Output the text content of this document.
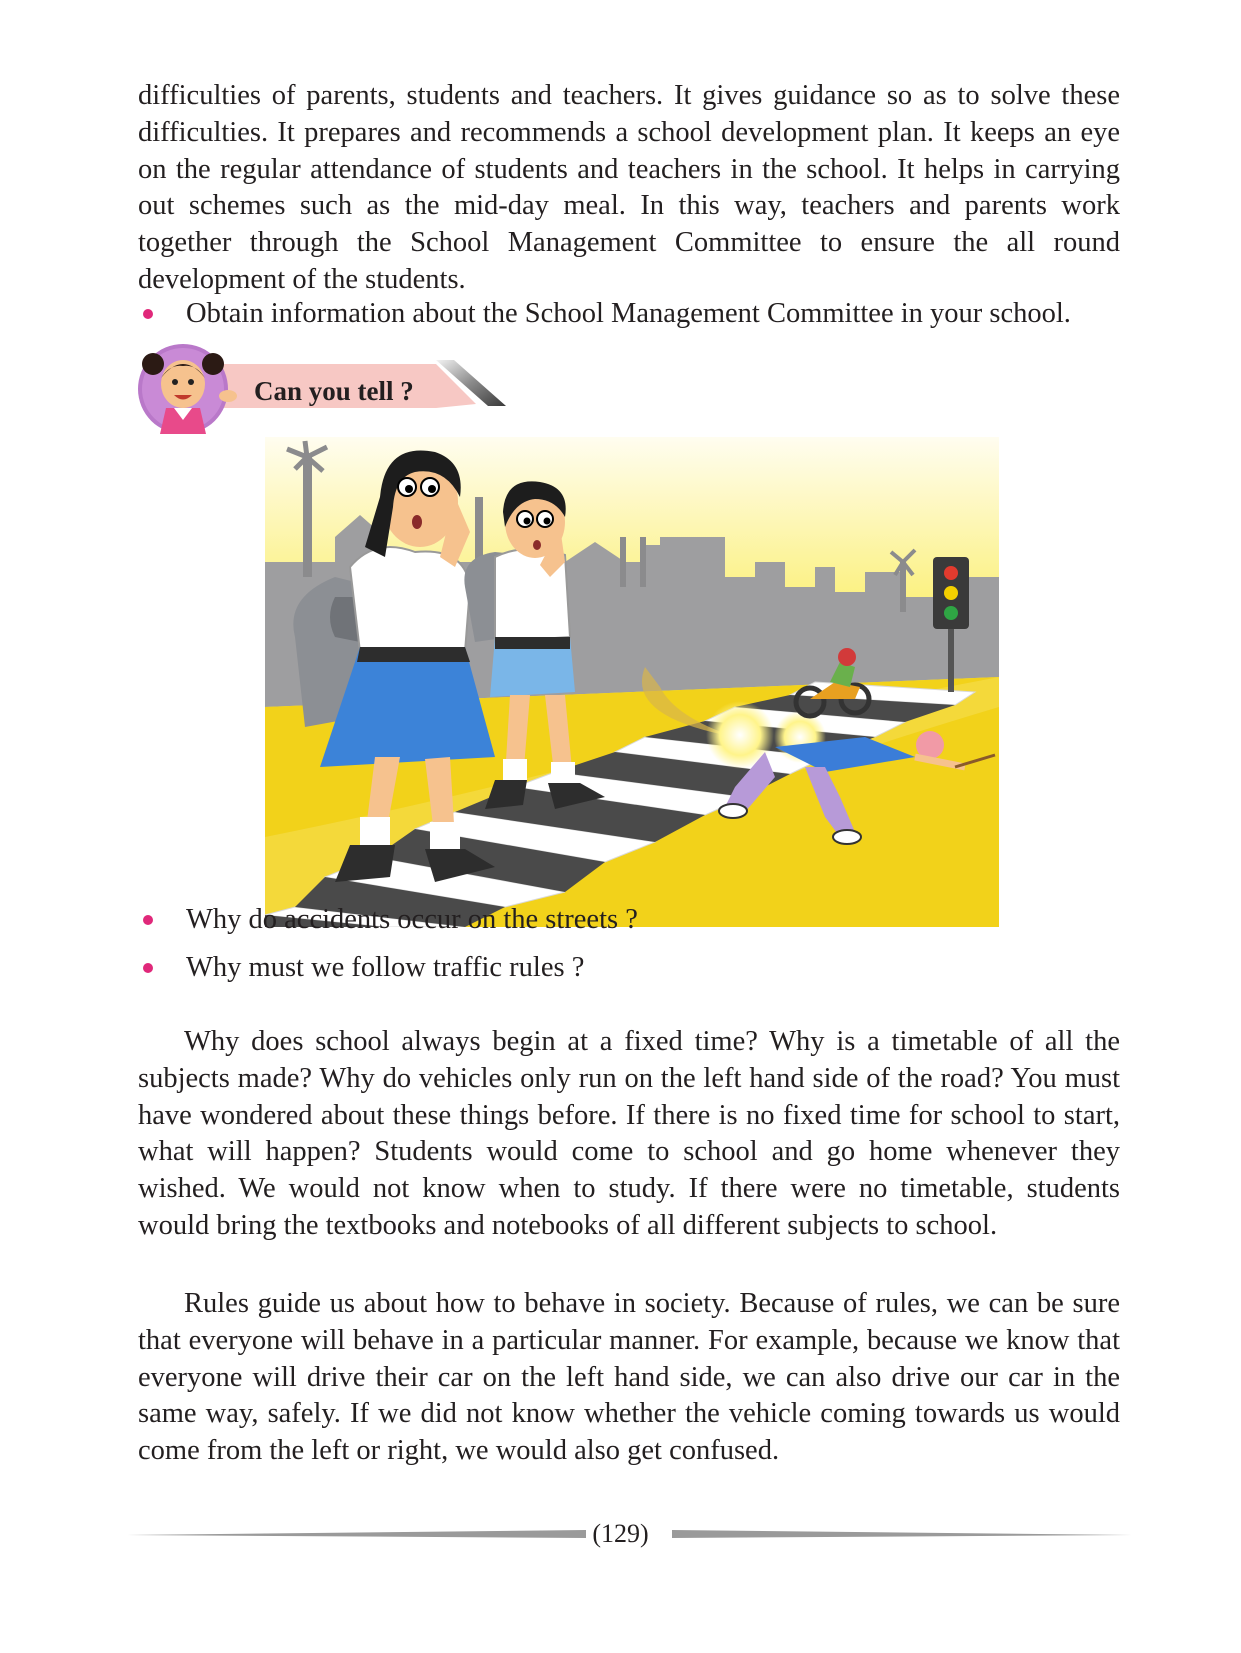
difficulties of parents, students and teachers. It gives guidance so as to solve these difficulties. It prepares and recommends a school development plan. It keeps an eye on the regular attendance of students and teachers in the school. It helps in carrying out schemes such as the mid-day meal. In this way, teachers and parents work together through the School Management Committee to ensure the all round development of the students.

Obtain information about the School Management Committee in your school.
Can you tell ?
Why do accidents occur on the streets ?
Why must we follow traffic rules ?

Why does school always begin at a fixed time? Why is a timetable of all the subjects made? Why do vehicles only run on the left hand side of the road? You must have wondered about these things before. If there is no fixed time for school to start, what will happen? Students would come to school and go home whenever they wished. We would not know when to study. If there were no timetable, students would bring the textbooks and notebooks of all different subjects to school.

Rules guide us about how to behave in society. Because of rules, we can be sure that everyone will behave in a particular manner. For example, because we know that everyone will drive their car on the left hand side, we can also drive our car in the same way, safely. If we did not know whether the vehicle coming towards us would come from the left or right, we would also get confused.

(129)
